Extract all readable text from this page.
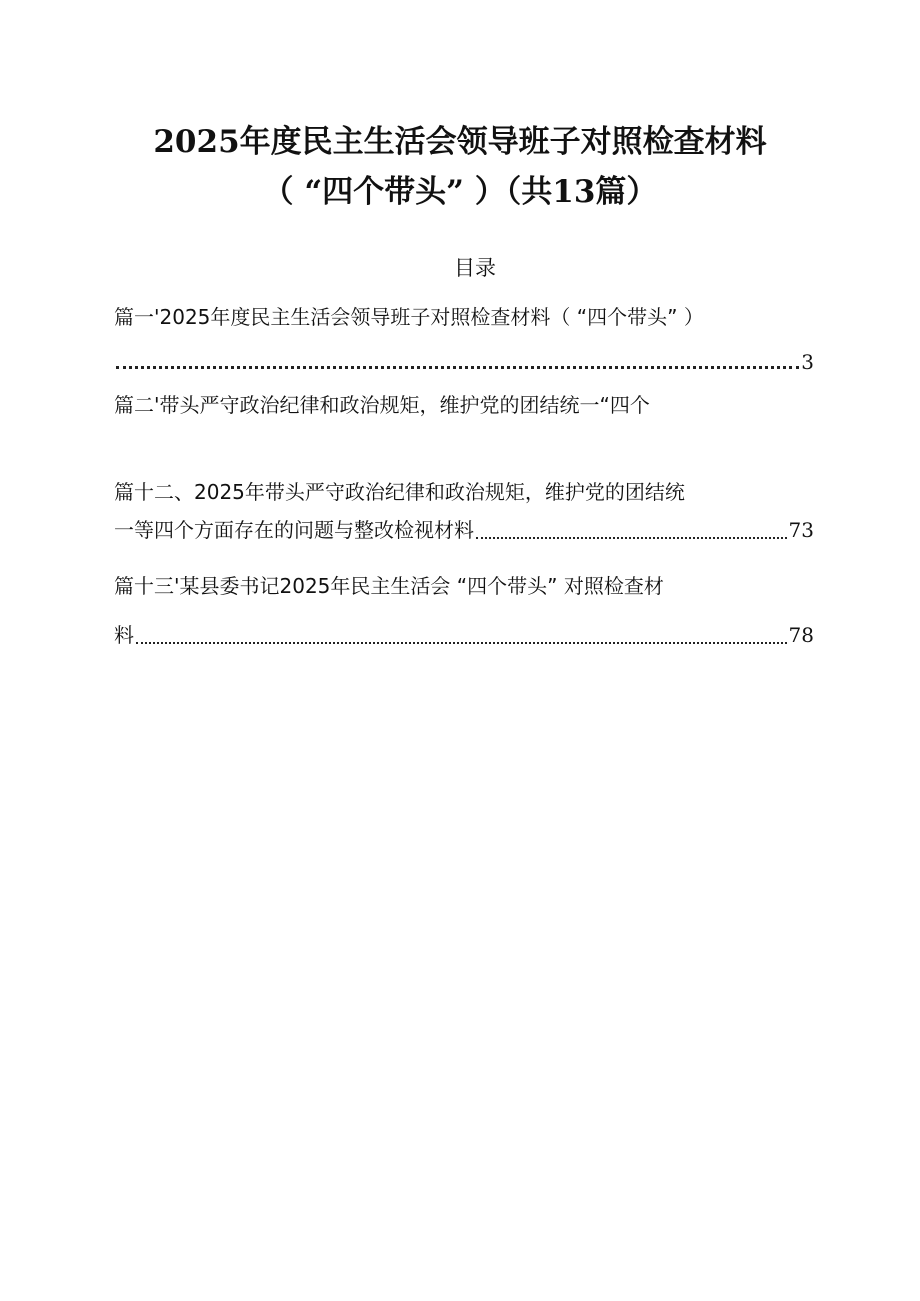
2025年度民主生活会领导班子对照检查材料
（ “四个带头” ）（共13篇）
目录
篇一'2025年度民主生活会领导班子对照检查材料（ “四个带头” ）
3
篇二'带头严守政治纪律和政治规矩，维护党的团结统一“四个
篇十二、2025年带头严守政治纪律和政治规矩，维护党的团结统
一等四个方面存在的问题与整改检视材料	73
篇十三'某县委书记2025年民主生活会 “四个带头” 对照检查材
料	78
